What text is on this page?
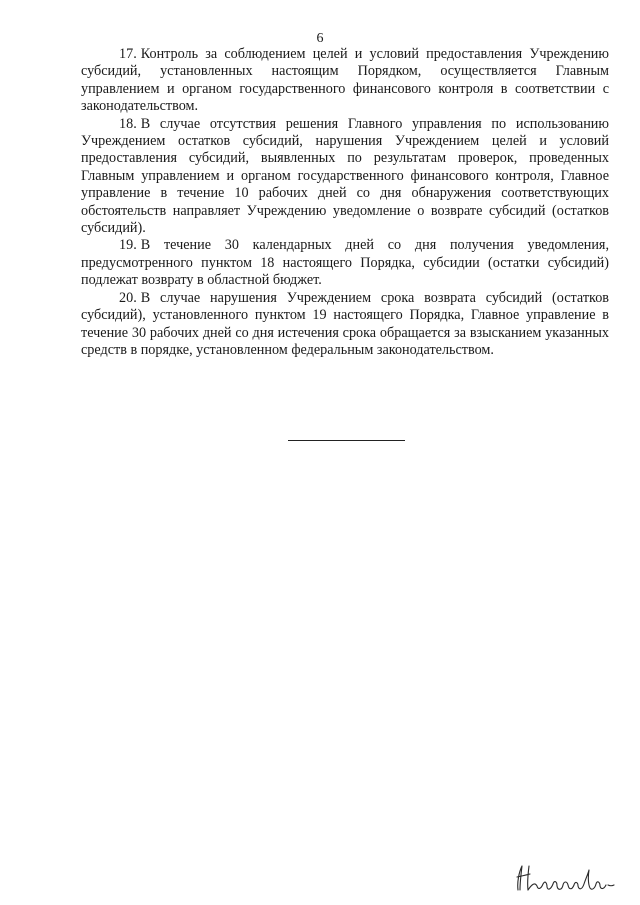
6

17. Контроль за соблюдением целей и условий предоставления Учреждению субсидий, установленных настоящим Порядком, осуществляется Главным управлением и органом государственного финансового контроля в соответствии с законодательством.

18. В случае отсутствия решения Главного управления по использованию Учреждением остатков субсидий, нарушения Учреждением целей и условий предоставления субсидий, выявленных по результатам проверок, проведенных Главным управлением и органом государственного финансового контроля, Главное управление в течение 10 рабочих дней со дня обнаружения соответствующих обстоятельств направляет Учреждению уведомление о возврате субсидий (остатков субсидий).

19. В течение 30 календарных дней со дня получения уведомления, предусмотренного пунктом 18 настоящего Порядка, субсидии (остатки субсидий) подлежат возврату в областной бюджет.

20. В случае нарушения Учреждением срока возврата субсидий (остатков субсидий), установленного пунктом 19 настоящего Порядка, Главное управление в течение 30 рабочих дней со дня истечения срока обращается за взысканием указанных средств в порядке, установленном федеральным законодательством.
